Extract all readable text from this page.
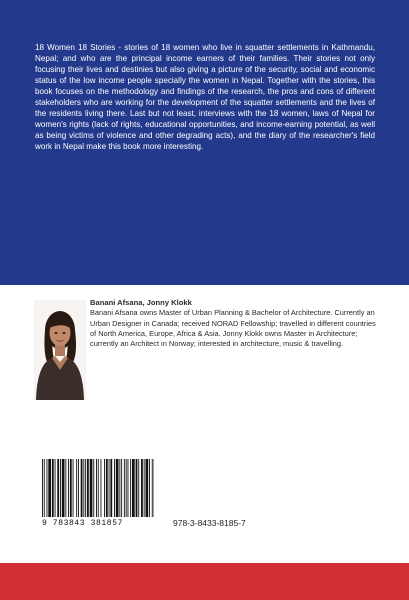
18 Women 18 Stories - stories of 18 women who live in squatter settlements in Kathmandu, Nepal; and who are the principal income earners of their families. Their stories not only focusing their lives and destinies but also giving a picture of the security, social and economic status of the low income people specially the women in Nepal. Together with the stories, this book focuses on the methodology and findings of the research, the pros and cons of different stakeholders who are working for the development of the squatter settlements and the lives of the residents living there. Last but not least, interviews with the 18 women, laws of Nepal for women's rights (lack of rights, educational opportunities, and income-earning potential, as well as being victims of violence and other degrading acts), and the diary of the researcher's field work in Nepal make this book more interesting.

Banani Afsana, Jonny Klokk
Banani Afsana owns Master of Urban Planning & Bachelor of Architecture. Currently an Urban Designer in Canada; received NORAD Fellowship; travelled in different countries of North America, Europe, Africa & Asia. Jonny Klokk owns Master in Architecture; currently an Architect in Norway; interested in architecture, music & travelling.
9 783843 381857	978-3-8433-8185-7
